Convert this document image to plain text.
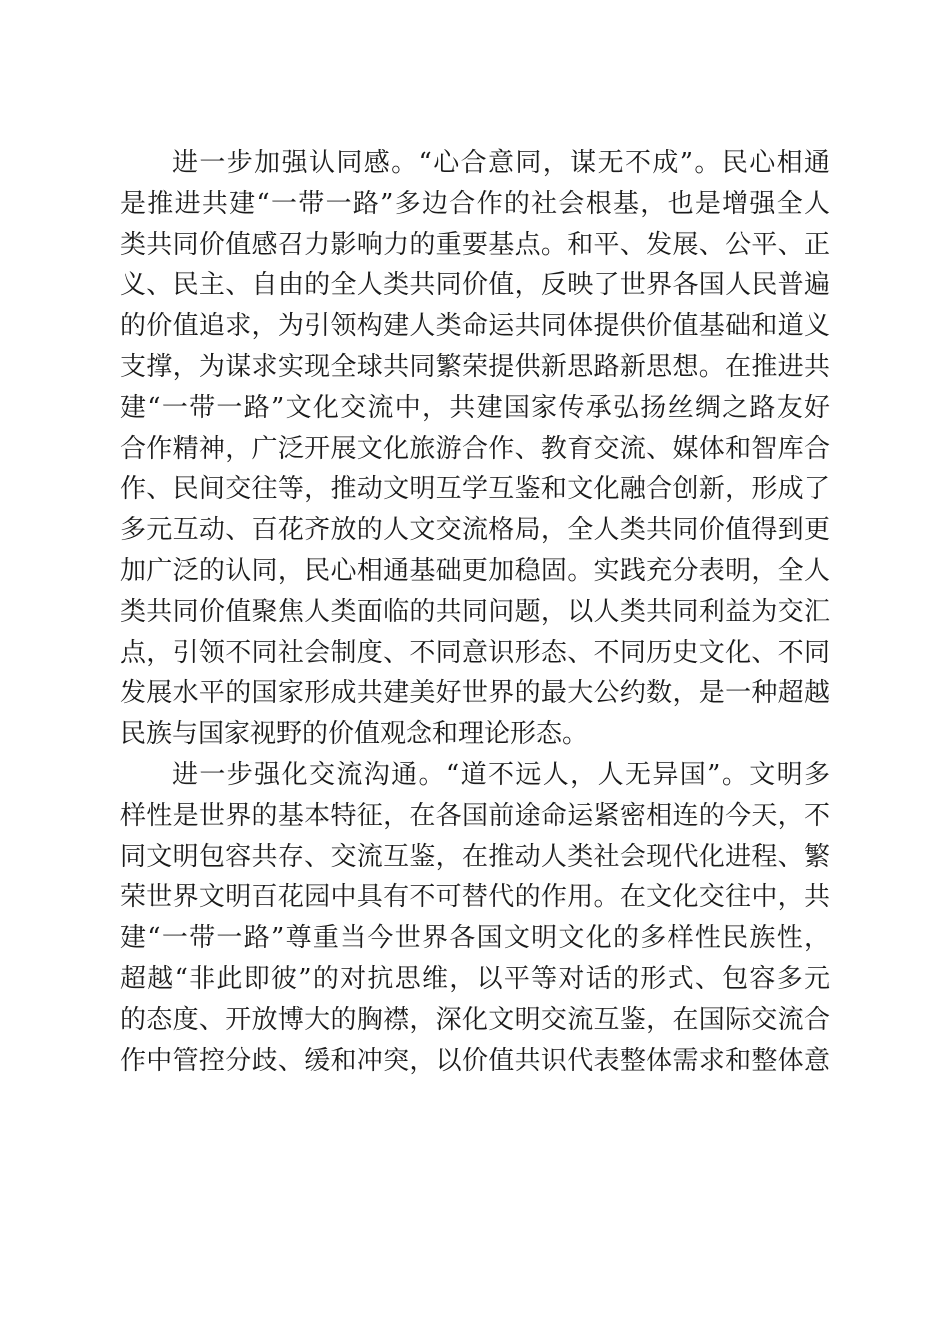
进一步加强认同感。“心合意同，谋无不成”。民心相通
是推进共建“一带一路”多边合作的社会根基，也是增强全人
类共同价值感召力影响力的重要基点。和平、发展、公平、正
义、民主、自由的全人类共同价值，反映了世界各国人民普遍
的价值追求，为引领构建人类命运共同体提供价值基础和道义
支撑，为谋求实现全球共同繁荣提供新思路新思想。在推进共
建“一带一路”文化交流中，共建国家传承弘扬丝绸之路友好
合作精神，广泛开展文化旅游合作、教育交流、媒体和智库合
作、民间交往等，推动文明互学互鉴和文化融合创新，形成了
多元互动、百花齐放的人文交流格局，全人类共同价值得到更
加广泛的认同，民心相通基础更加稳固。实践充分表明，全人
类共同价值聚焦人类面临的共同问题，以人类共同利益为交汇
点，引领不同社会制度、不同意识形态、不同历史文化、不同
发展水平的国家形成共建美好世界的最大公约数，是一种超越
民族与国家视野的价值观念和理论形态。
进一步强化交流沟通。“道不远人，人无异国”。文明多
样性是世界的基本特征，在各国前途命运紧密相连的今天，不
同文明包容共存、交流互鉴，在推动人类社会现代化进程、繁
荣世界文明百花园中具有不可替代的作用。在文化交往中，共
建“一带一路”尊重当今世界各国文明文化的多样性民族性，
超越“非此即彼”的对抗思维，以平等对话的形式、包容多元
的态度、开放博大的胸襟，深化文明交流互鉴，在国际交流合
作中管控分歧、缓和冲突，以价值共识代表整体需求和整体意
